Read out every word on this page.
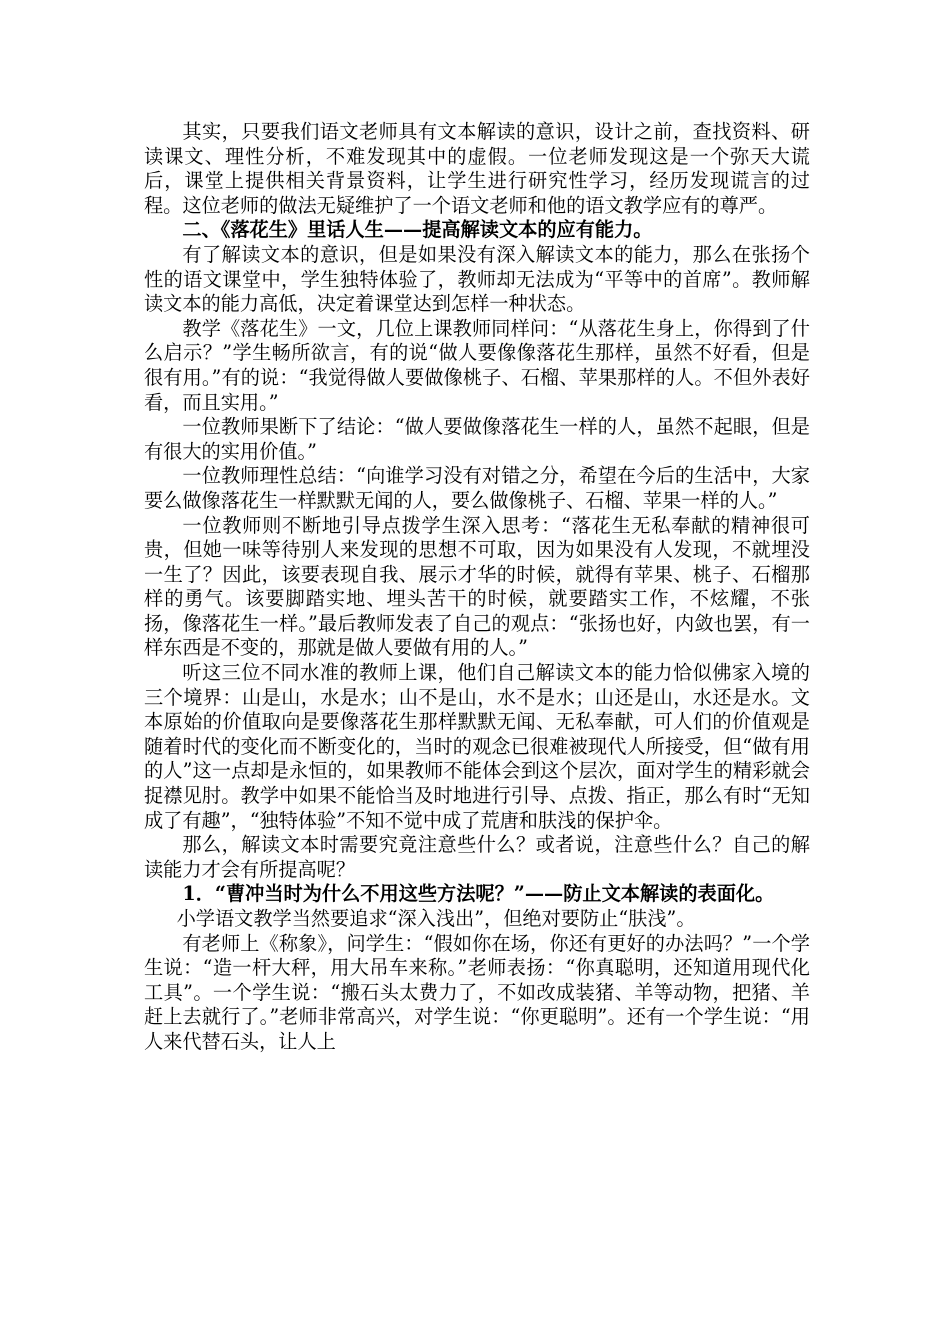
其实，只要我们语文老师具有文本解读的意识，设计之前，查找资料、研读课文、理性分析，不难发现其中的虚假。一位老师发现这是一个弥天大谎后，课堂上提供相关背景资料，让学生进行研究性学习，经历发现谎言的过程。这位老师的做法无疑维护了一个语文老师和他的语文教学应有的尊严。

二、《落花生》里话人生——提高解读文本的应有能力。

有了解读文本的意识，但是如果没有深入解读文本的能力，那么在张扬个性的语文课堂中，学生独特体验了，教师却无法成为“平等中的首席”。教师解读文本的能力高低，决定着课堂达到怎样一种状态。

教学《落花生》一文，几位上课教师同样问：“从落花生身上，你得到了什么启示？”学生畅所欲言，有的说“做人要像像落花生那样，虽然不好看，但是很有用。”有的说：“我觉得做人要做像桃子、石榴、苹果那样的人。不但外表好看，而且实用。”

一位教师果断下了结论：“做人要做像落花生一样的人，虽然不起眼，但是有很大的实用价值。”

一位教师理性总结：“向谁学习没有对错之分，希望在今后的生活中，大家要么做像落花生一样默默无闻的人，要么做像桃子、石榴、苹果一样的人。”

一位教师则不断地引导点拨学生深入思考：“落花生无私奉献的精神很可贵，但她一味等待别人来发现的思想不可取，因为如果没有人发现，不就埋没一生了？因此，该要表现自我、展示才华的时候，就得有苹果、桃子、石榴那样的勇气。该要脚踏实地、埋头苦干的时候，就要踏实工作，不炫耀，不张扬，像落花生一样。”最后教师发表了自己的观点：“张扬也好，内敛也罢，有一样东西是不变的，那就是做人要做有用的人。”

听这三位不同水准的教师上课，他们自己解读文本的能力恰似佛家入境的三个境界：山是山，水是水；山不是山，水不是水；山还是山，水还是水。文本原始的价值取向是要像落花生那样默默无闻、无私奉献，可人们的价值观是随着时代的变化而不断变化的，当时的观念已很难被现代人所接受，但“做有用的人”这一点却是永恒的，如果教师不能体会到这个层次，面对学生的精彩就会捉襟见肘。教学中如果不能恰当及时地进行引导、点拨、指正，那么有时“无知成了有趣”，“独特体验”不知不觉中成了荒唐和肤浅的保护伞。

那么，解读文本时需要究竟注意些什么？或者说，注意些什么？自己的解读能力才会有所提高呢？

1．“曹冲当时为什么不用这些方法呢？”——防止文本解读的表面化。

小学语文教学当然要追求“深入浅出”，但绝对要防止“肤浅”。

有老师上《称象》，问学生：“假如你在场，你还有更好的办法吗？”一个学生说：“造一杆大秤，用大吊车来称。”老师表扬：“你真聪明，还知道用现代化工具”。一个学生说：“搬石头太费力了，不如改成装猪、羊等动物，把猪、羊赶上去就行了。”老师非常高兴，对学生说：“你更聪明”。还有一个学生说：“用人来代替石头，让人上
